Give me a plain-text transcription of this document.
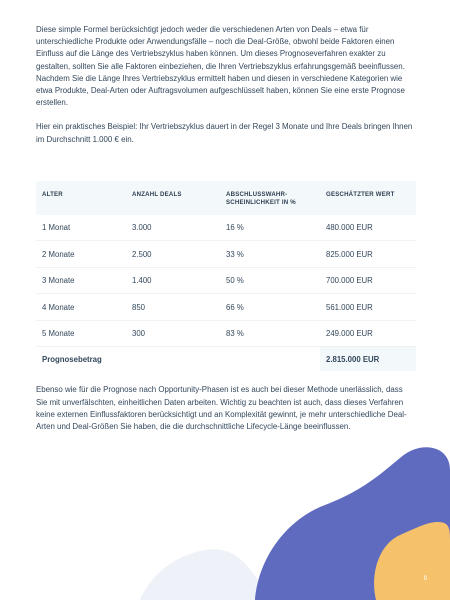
Diese simple Formel berücksichtigt jedoch weder die verschiedenen Arten von Deals – etwa für unterschiedliche Produkte oder Anwendungsfälle – noch die Deal-Größe, obwohl beide Faktoren einen Einfluss auf die Länge des Vertriebszyklus haben können. Um dieses Prognoseverfahren exakter zu gestalten, sollten Sie alle Faktoren einbeziehen, die Ihren Vertriebszyklus erfahrungsgemäß beeinflussen.

Nachdem Sie die Länge Ihres Vertriebszyklus ermittelt haben und diesen in verschiedene Kategorien wie etwa Produkte, Deal-Arten oder Auftragsvolumen aufgeschlüsselt haben, können Sie eine erste Prognose erstellen.

Hier ein praktisches Beispiel: Ihr Vertriebszyklus dauert in der Regel 3 Monate und Ihre Deals bringen Ihnen im Durchschnitt 1.000 € ein.

ALTER	ANZAHL DEALS	ABSCHLUSSWAHR-SCHEINLICHKEIT IN %	GESCHÄTZTER WERT
1 Monat	3.000	16 %	480.000 EUR
2 Monate	2.500	33 %	825.000 EUR
3 Monate	1.400	50 %	700.000 EUR
4 Monate	850	66 %	561.000 EUR
5 Monate	300	83 %	249.000 EUR
Prognosebetrag			2.815.000 EUR

Ebenso wie für die Prognose nach Opportunity-Phasen ist es auch bei dieser Methode unerlässlich, dass Sie mit unverfälschten, einheitlichen Daten arbeiten. Wichtig zu beachten ist auch, dass dieses Verfahren keine externen Einflussfaktoren berücksichtigt und an Komplexität gewinnt, je mehr unterschiedliche Deal-Arten und Deal-Größen Sie haben, die die durchschnittliche Lifecycle-Länge beeinflussen.

9
